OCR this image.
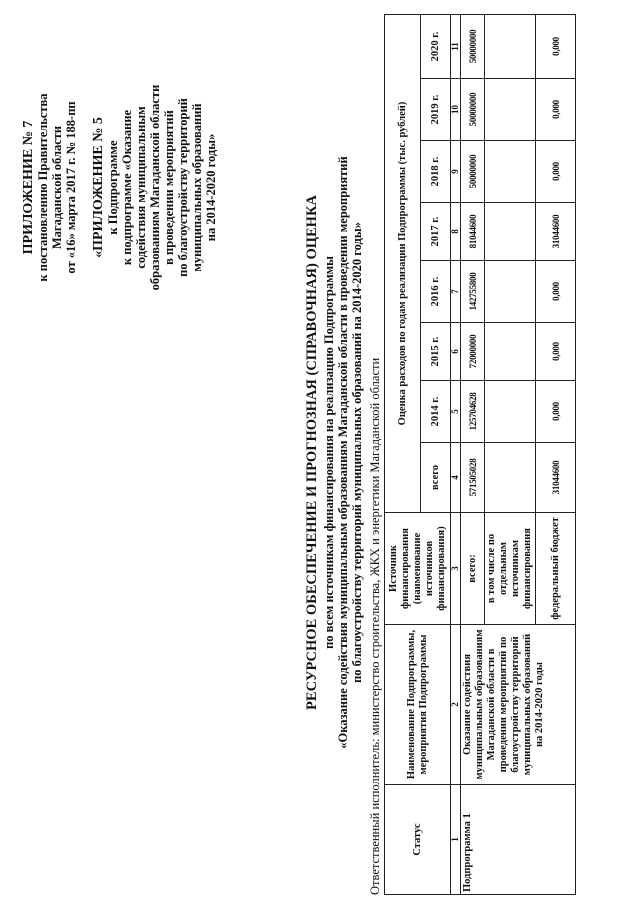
ПРИЛОЖЕНИЕ № 7 к постановлению Правительства Магаданской области от «16» марта 2017 г. № 188-пп «ПРИЛОЖЕНИЕ № 5 к Подпрограмме к подпрограмме «Оказание содействия муниципальным образованиям Магаданской области в проведении мероприятий по благоустройству территорий муниципальных образований на 2014-2020 годы»
РЕСУРСНОЕ ОБЕСПЕЧЕНИЕ И ПРОГНОЗНАЯ (СПРАВОЧНАЯ) ОЦЕНКА по всем источникам финансирования на реализацию Подпрограммы «Оказание содействия муниципальным образованиям Магаданской области в проведении мероприятий по благоустройству территорий муниципальных образований на 2014-2020 годы» Ответственный исполнитель: министерство строительства, ЖКХ и энергетики Магаданской области	Статус	Наименование Подпрограммы, мероприятия Подпрограммы	Источник финансирования (наименование источников финансирования)	Оценка расходов по годам реализации Подпрограммы (тыс. рублей)							
			всего	2014 г.	2015 г.	2016 г.	2017 г.	2018 г.	2019 г.	2020 г.
1	2	3	4	5	6	7	8	9	10	11
Подпрограмма 1	Оказание содействия муниципальным образованиям Магаданской области в проведении мероприятий по благоустройству территорий муниципальных образований на 2014-2020 годы	всего:	571505028	125704628	72000000	142755800	81044600	50000000	50000000	50000000
		в том числе по отдельным источникам финансирования								
		федеральный бюджет	31044600	0,000	0,000	0,000	31044600	0,000	0,000	0,000
